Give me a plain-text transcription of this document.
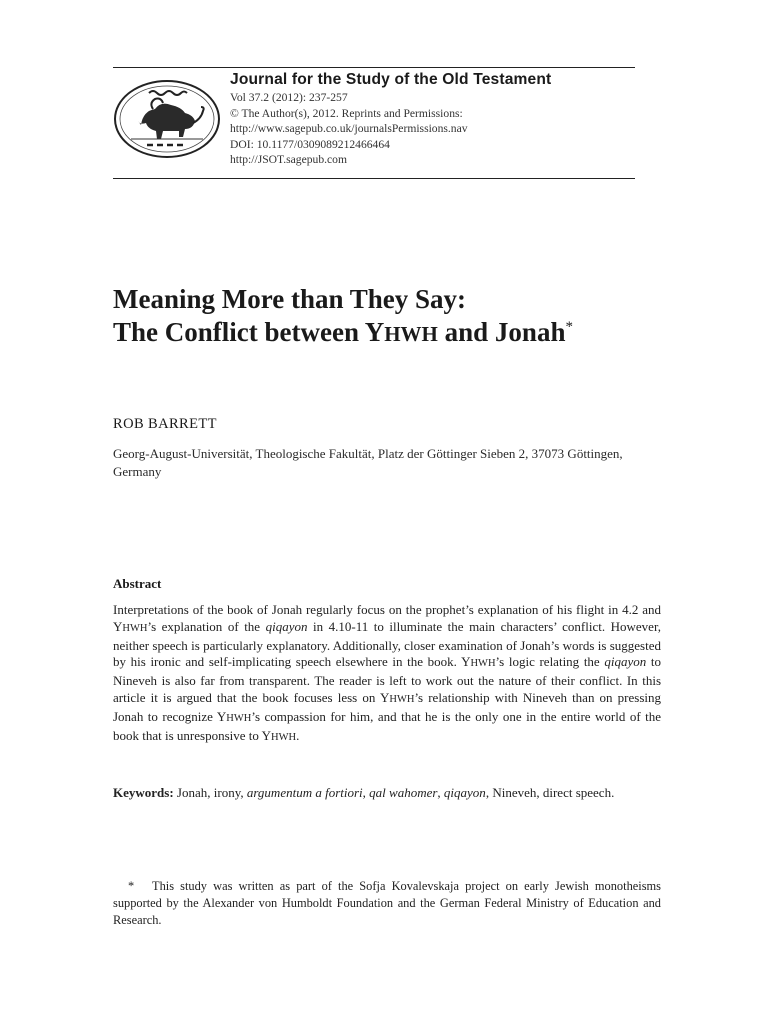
Journal for the Study of the Old Testament

Vol 37.2 (2012): 237-257

© The Author(s), 2012. Reprints and Permissions:

http://www.sagepub.co.uk/journalsPermissions.nav

DOI: 10.1177/0309089212466464

http://JSOT.sagepub.com

Meaning More than They Say:
The Conflict between YHWH and Jonah*

ROB BARRETT

Georg-August-Universität, Theologische Fakultät, Platz der Göttinger Sieben 2, 37073 Göttingen, Germany

Abstract

Interpretations of the book of Jonah regularly focus on the prophet’s explanation of his flight in 4.2 and YHWH’s explanation of the qiqayon in 4.10-11 to illuminate the main characters’ conflict. However, neither speech is particularly explanatory. Additionally, closer examination of Jonah’s words is suggested by his ironic and self-implicating speech elsewhere in the book. YHWH’s logic relating the qiqayon to Nineveh is also far from transparent. The reader is left to work out the nature of their conflict. In this article it is argued that the book focuses less on YHWH’s relationship with Nineveh than on pressing Jonah to recognize YHWH’s compassion for him, and that he is the only one in the entire world of the book that is unresponsive to YHWH.

Keywords: Jonah, irony, argumentum a fortiori, qal wahomer, qiqayon, Nineveh, direct speech.

* This study was written as part of the Sofja Kovalevskaja project on early Jewish monotheisms supported by the Alexander von Humboldt Foundation and the German Federal Ministry of Education and Research.
